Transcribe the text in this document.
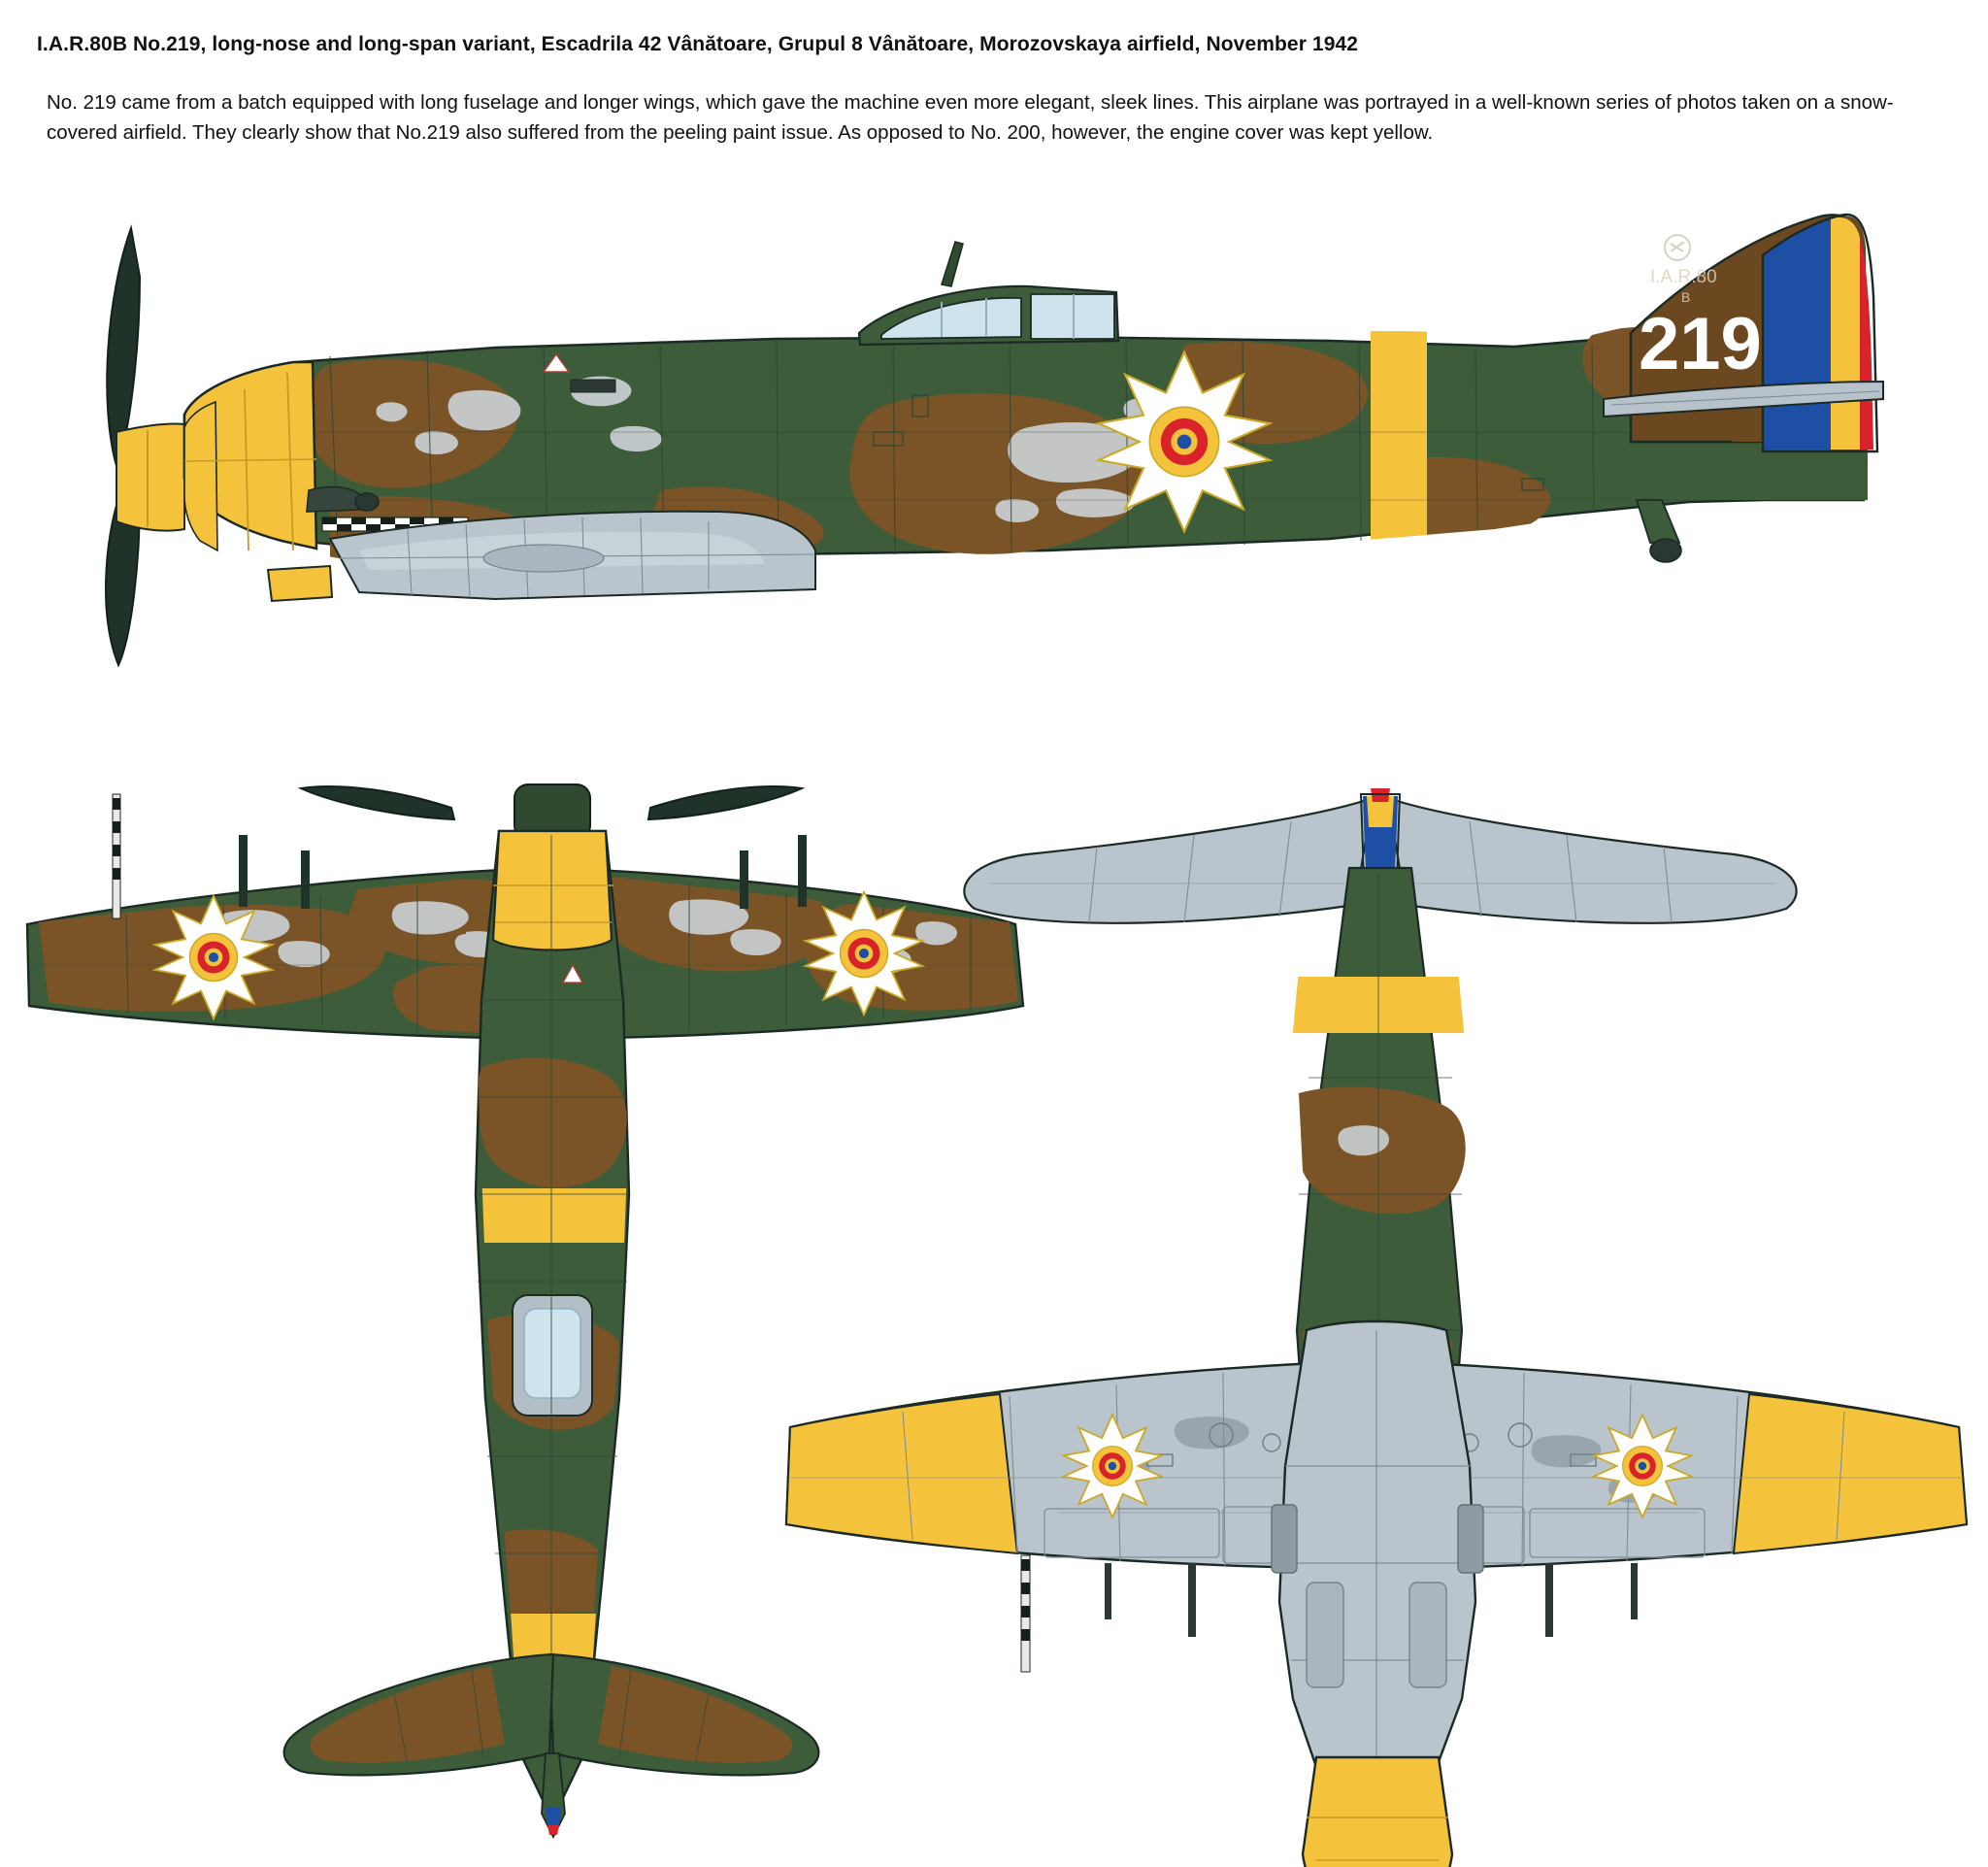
I.A.R.80B No.219, long-nose and long-span variant, Escadrila 42 Vânătoare, Grupul 8 Vânătoare, Morozovskaya airfield, November 1942
No. 219 came from a batch equipped with long fuselage and longer wings, which gave the machine even more elegant, sleek lines. This airplane was portrayed in a well-known series of photos taken on a snow-covered airfield. They clearly show that No.219 also suffered from the peeling paint issue. As opposed to No. 200, however, the engine cover was kept yellow.
I.A.R.80
B
219
